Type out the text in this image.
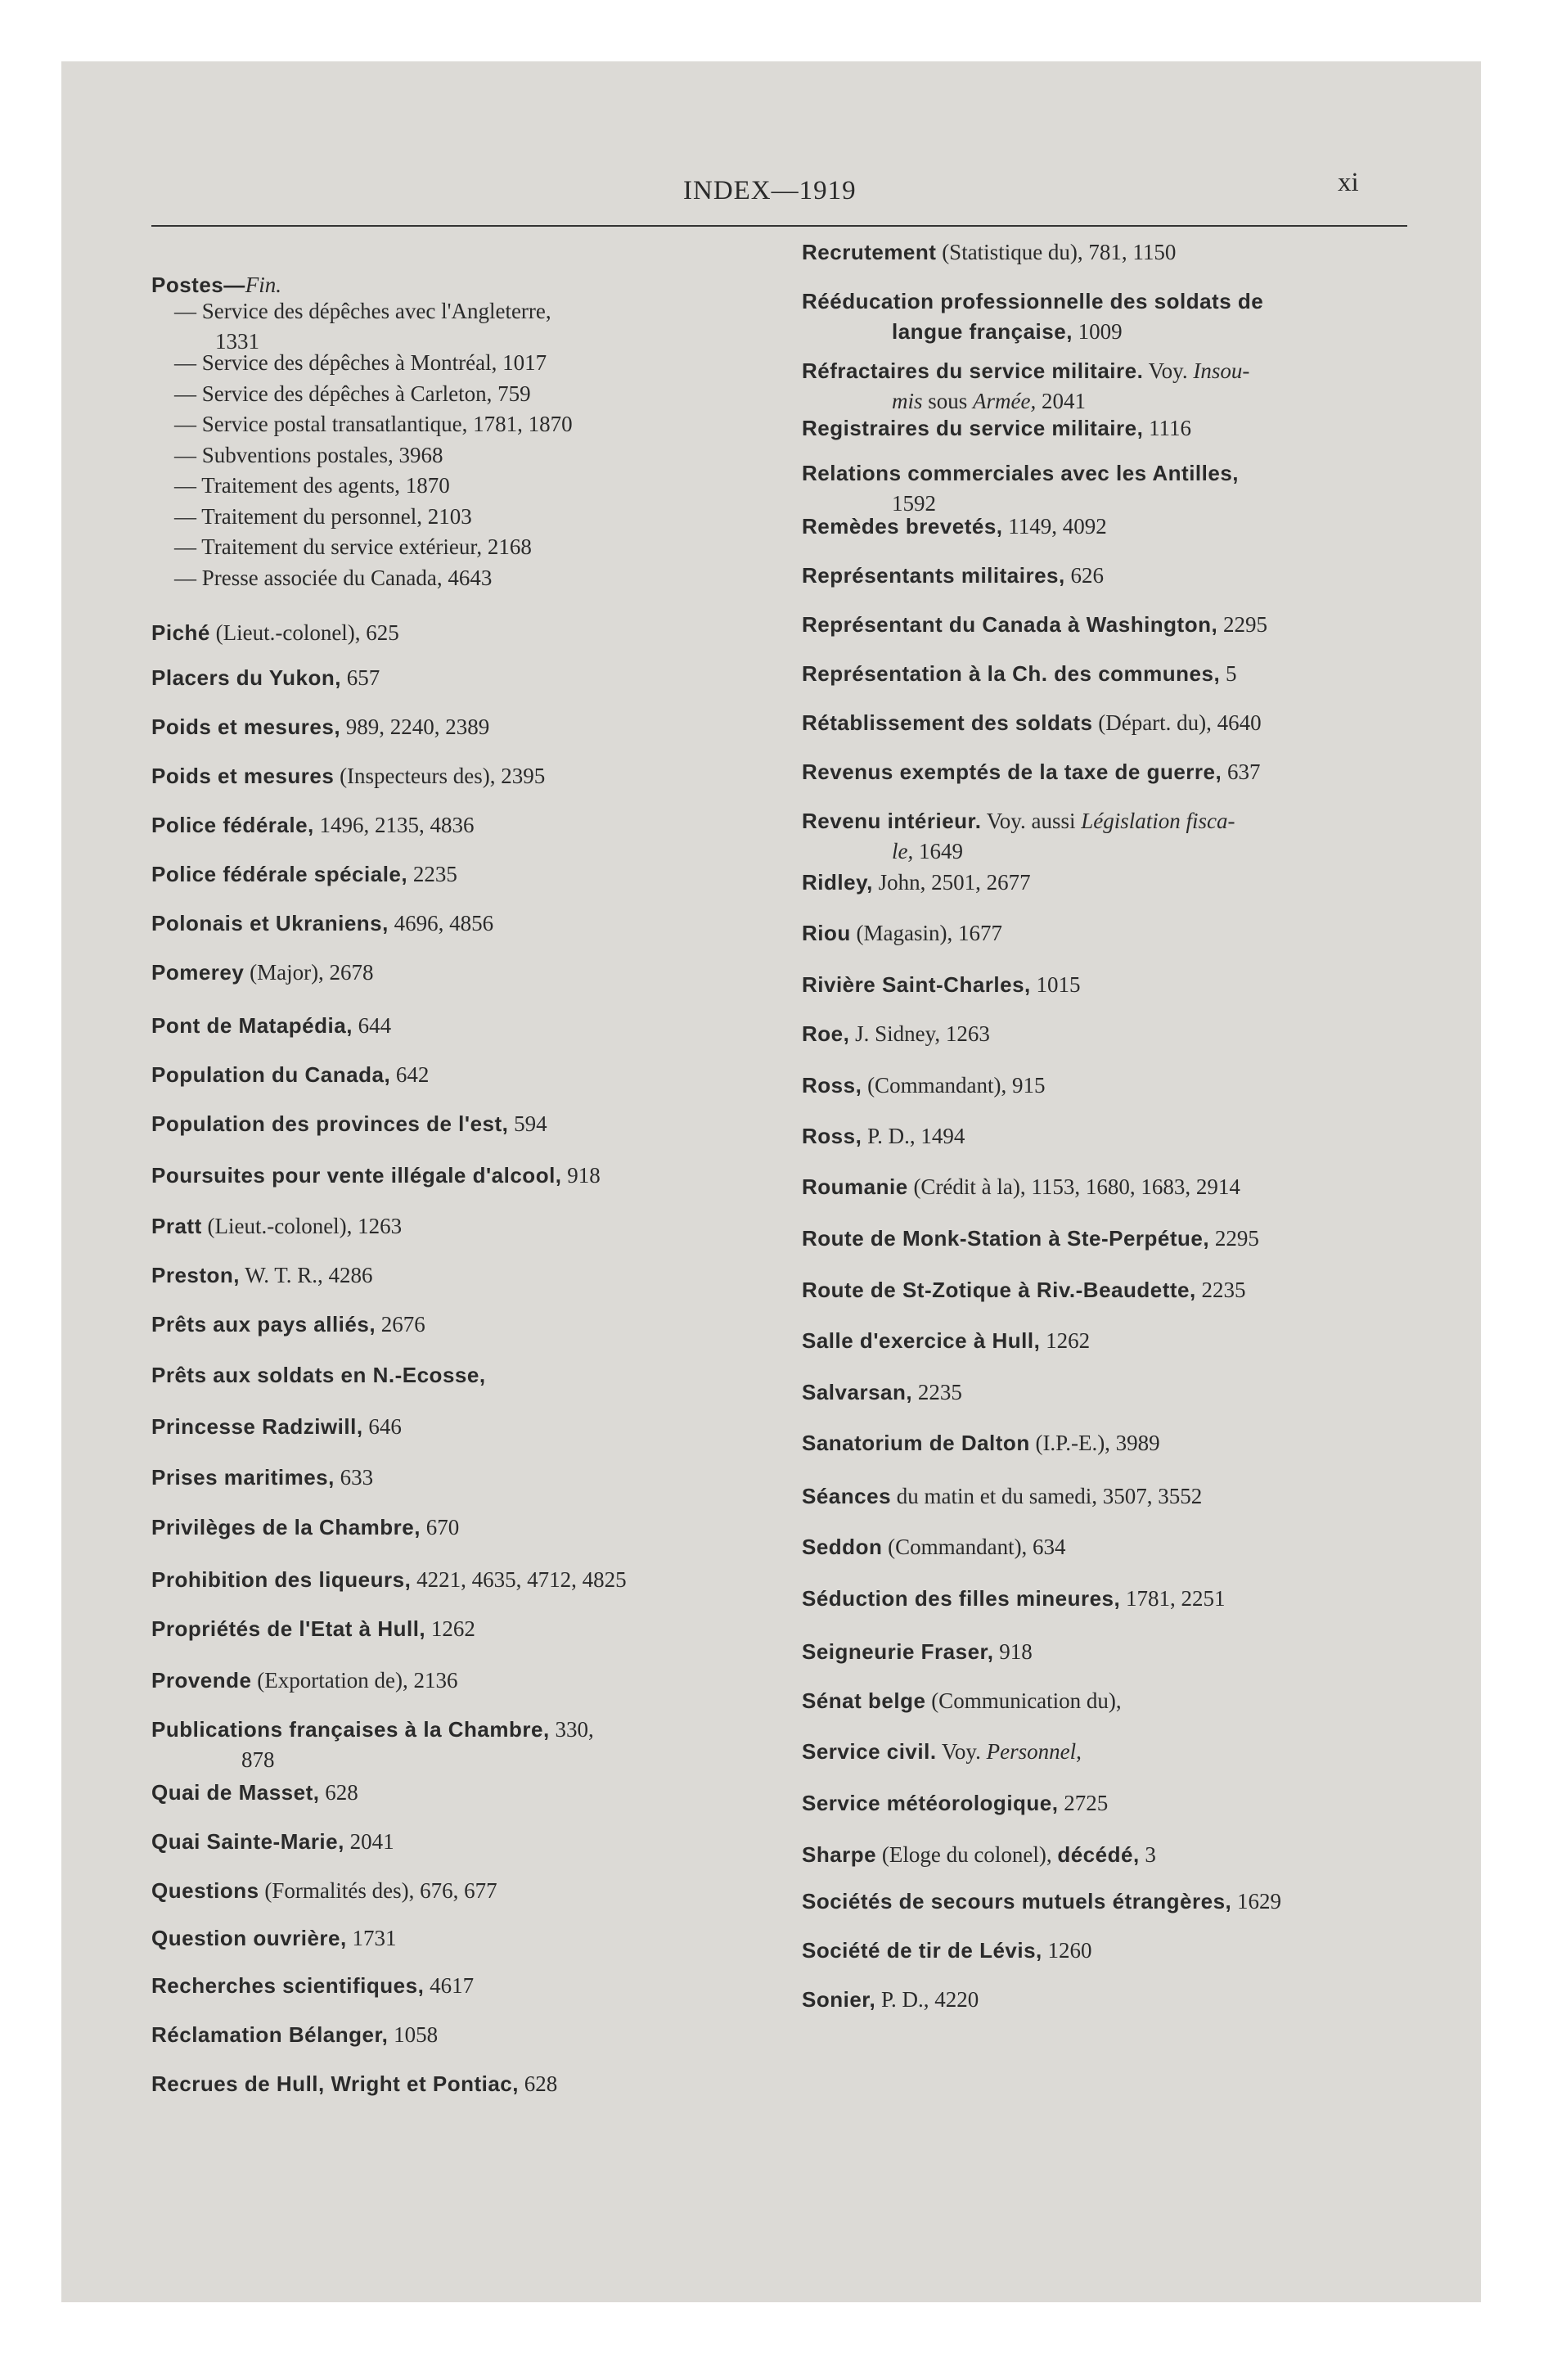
INDEX—1919	xi
Postes—Fin.
— Service des dépêches avec l'Angleterre,
1331
— Service des dépêches à Montréal, 1017
— Service des dépêches à Carleton, 759
— Service postal transatlantique, 1781, 1870
— Subventions postales, 3968
— Traitement des agents, 1870
— Traitement du personnel, 2103
— Traitement du service extérieur, 2168
— Presse associée du Canada, 4643
Piché (Lieut.-colonel), 625
Placers du Yukon, 657
Poids et mesures, 989, 2240, 2389
Poids et mesures (Inspecteurs des), 2395
Police fédérale, 1496, 2135, 4836
Police fédérale spéciale, 2235
Polonais et Ukraniens, 4696, 4856
Pomerey (Major), 2678
Pont de Matapédia, 644
Population du Canada, 642
Population des provinces de l'est, 594
Poursuites pour vente illégale d'alcool, 918
Pratt (Lieut.-colonel), 1263
Preston, W. T. R., 4286
Prêts aux pays alliés, 2676
Prêts aux soldats en N.-Ecosse,
Princesse Radziwill, 646
Prises maritimes, 633
Privilèges de la Chambre, 670
Prohibition des liqueurs, 4221, 4635, 4712, 4825
Propriétés de l'Etat à Hull, 1262
Provende (Exportation de), 2136
Publications françaises à la Chambre, 330,
878
Quai de Masset, 628
Quai Sainte-Marie, 2041
Questions (Formalités des), 676, 677
Question ouvrière, 1731
Recherches scientifiques, 4617
Réclamation Bélanger, 1058
Recrues de Hull, Wright et Pontiac, 628
Recrutement (Statistique du), 781, 1150
Rééducation professionnelle des soldats de
langue française, 1009
Réfractaires du service militaire. Voy. Insou-
mis sous Armée, 2041
Registraires du service militaire, 1116
Relations commerciales avec les Antilles,
1592
Remèdes brevetés, 1149, 4092
Représentants militaires, 626
Représentant du Canada à Washington, 2295
Représentation à la Ch. des communes, 5
Rétablissement des soldats (Départ. du), 4640
Revenus exemptés de la taxe de guerre, 637
Revenu intérieur. Voy. aussi Législation fisca-
le, 1649
Ridley, John, 2501, 2677
Riou (Magasin), 1677
Rivière Saint-Charles, 1015
Roe, J. Sidney, 1263
Ross, (Commandant), 915
Ross, P. D., 1494
Roumanie (Crédit à la), 1153, 1680, 1683, 2914
Route de Monk-Station à Ste-Perpétue, 2295
Route de St-Zotique à Riv.-Beaudette, 2235
Salle d'exercice à Hull, 1262
Salvarsan, 2235
Sanatorium de Dalton (I.P.-E.), 3989
Séances du matin et du samedi, 3507, 3552
Seddon (Commandant), 634
Séduction des filles mineures, 1781, 2251
Seigneurie Fraser, 918
Sénat belge (Communication du),
Service civil. Voy. Personnel,
Service météorologique, 2725
Sharpe (Eloge du colonel), décédé, 3
Sociétés de secours mutuels étrangères, 1629
Société de tir de Lévis, 1260
Sonier, P. D., 4220
